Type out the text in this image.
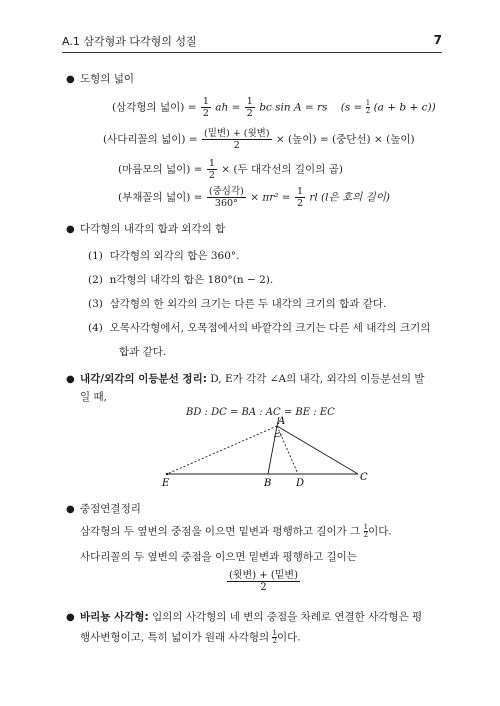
A.1 삼각형과 다각형의 성질	7
● 도형의 넓이
(삼각형의 넓이) = $\frac{1}{2}$ ah = $\frac{1}{2}$ bc sin A = rs $(s = \frac{1}{2} (a + b + c))$
(사다리꼴의 넓이) = $\frac{\text{(밑변) + (윗변)}}{2}$ × (높이) = (중단선) × (높이)
(마름모의 넓이) = $\frac{1}{2}$ × (두 대각선의 길이의 곱)
(부채꼴의 넓이) = $\frac{\text{(중심각)}}{360^\circ} \times \pi r^2 = \frac{1}{2}$ rl (l은 호의 길이)
● 다각형의 내각의 합과 외각의 합
(1) 다각형의 외각의 합은 360°.
(2) n각형의 내각의 합은 180°(n − 2).
(3) 삼각형의 한 외각의 크기는 다른 두 내각의 크기의 합과 같다.
(4) 오목사각형에서, 오목점에서의 바깥각의 크기는 다른 세 내각의 크기의
합과 같다.
● 내각/외각의 이등분선 정리: D, E가 각각 ∠A의 내각, 외각의 이등분선의 발
일 때,
BD : DC = BA : AC = BE : EC
A
B
C
D
E
● 중점연결정리
삼각형의 두 옆변의 중점을 이으면 밑변과 평행하고 길이가 그 $\frac{1}{2}$ 이다.
사다리꼴의 두 옆변의 중점을 이으면 밑변과 평행하고 길이는
$\frac{\text{(윗변) + (밑변)}}{2}$
● 바리뇽 사각형: 임의의 사각형의 네 변의 중점을 차례로 연결한 사각형은 평
행사변형이고, 특히 넓이가 원래 사각형의 $\frac{1}{2}$ 이다.
